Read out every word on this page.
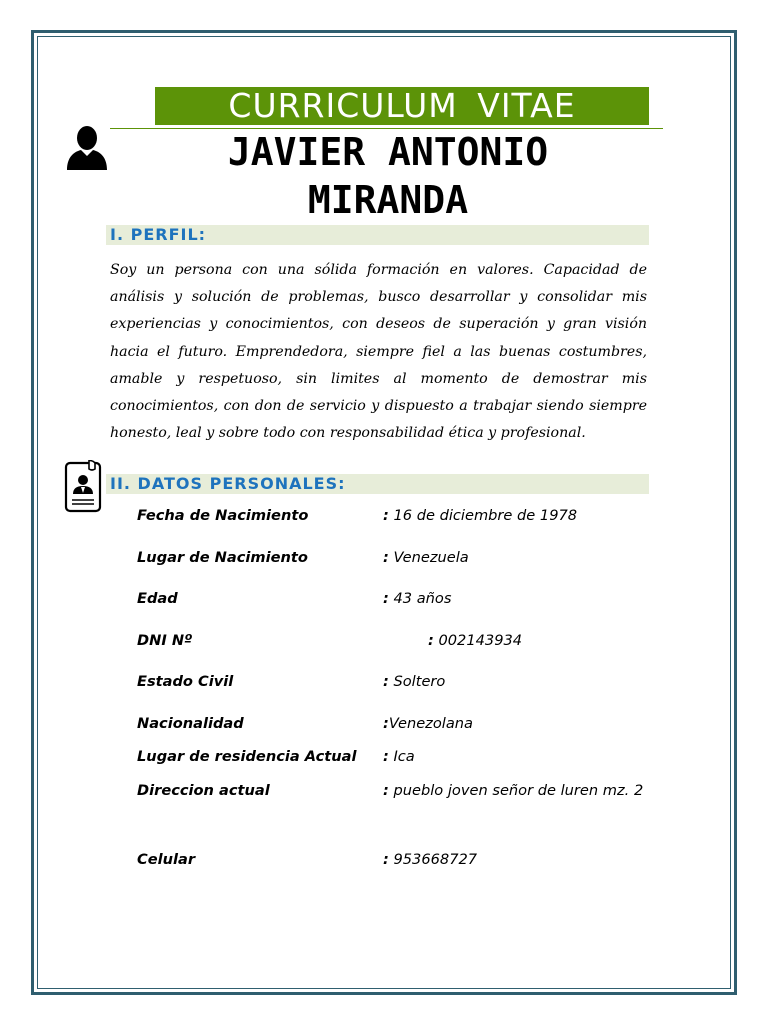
CURRICULUM VITAE
JAVIER ANTONIO
MIRANDA
I. PERFIL:

Soy un persona con una sólida formación en valores. Capacidad de análisis y solución de problemas, busco desarrollar y consolidar mis experiencias y conocimientos, con deseos de superación y gran visión hacia el futuro. Emprendedora, siempre fiel a las buenas costumbres, amable y respetuoso, sin limites al momento de demostrar mis conocimientos, con don de servicio y dispuesto a trabajar siendo siempre honesto, leal y sobre todo con responsabilidad ética y profesional.

II. DATOS PERSONALES:
Fecha de Nacimiento	: 16 de diciembre de 1978
Lugar de Nacimiento	: Venezuela
Edad	: 43 años
DNI Nº	: 002143934
Estado Civil	: Soltero
Nacionalidad	:Venezolana
Lugar de residencia Actual : Ica
Direccion actual	: pueblo joven señor de luren mz. 2
Celular	: 953668727
